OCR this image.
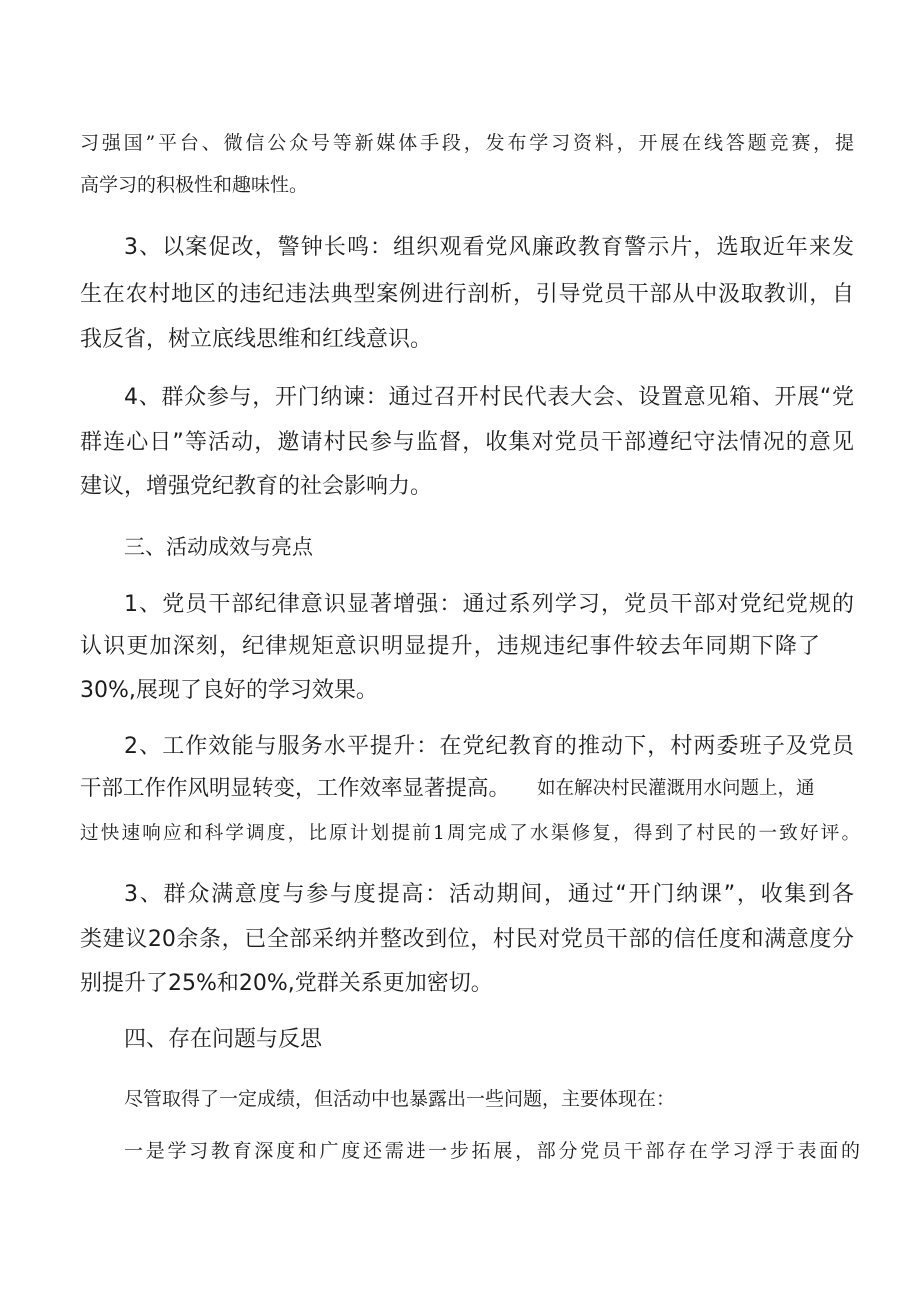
习强国”平台、微信公众号等新媒体手段，发布学习资料，开展在线答题竞赛，提
高学习的积极性和趣味性。
3、以案促改，警钟长鸣：组织观看党风廉政教育警示片，选取近年来发
生在农村地区的违纪违法典型案例进行剖析，引导党员干部从中汲取教训，自
我反省，树立底线思维和红线意识。
4、群众参与，开门纳谏：通过召开村民代表大会、设置意见箱、开展“党
群连心日”等活动，邀请村民参与监督，收集对党员干部遵纪守法情况的意见
建议，增强党纪教育的社会影响力。
三、活动成效与亮点
1、党员干部纪律意识显著增强：通过系列学习，党员干部对党纪党规的
认识更加深刻，纪律规矩意识明显提升，违规违纪事件较去年同期下降了
30%,展现了良好的学习效果。
2、工作效能与服务水平提升：在党纪教育的推动下，村两委班子及党员
干部工作作风明显转变，工作效率显著提高。 如在解决村民灌溉用水问题上，通
过快速响应和科学调度，比原计划提前1周完成了水渠修复，得到了村民的一致好评。
3、群众满意度与参与度提高：活动期间，通过“开门纳课”，收集到各
类建议20余条，已全部采纳并整改到位，村民对党员干部的信任度和满意度分
别提升了25%和20%,党群关系更加密切。
四、存在问题与反思
尽管取得了一定成绩，但活动中也暴露出一些问题，主要体现在：
一是学习教育深度和广度还需进一步拓展，部分党员干部存在学习浮于表面的
